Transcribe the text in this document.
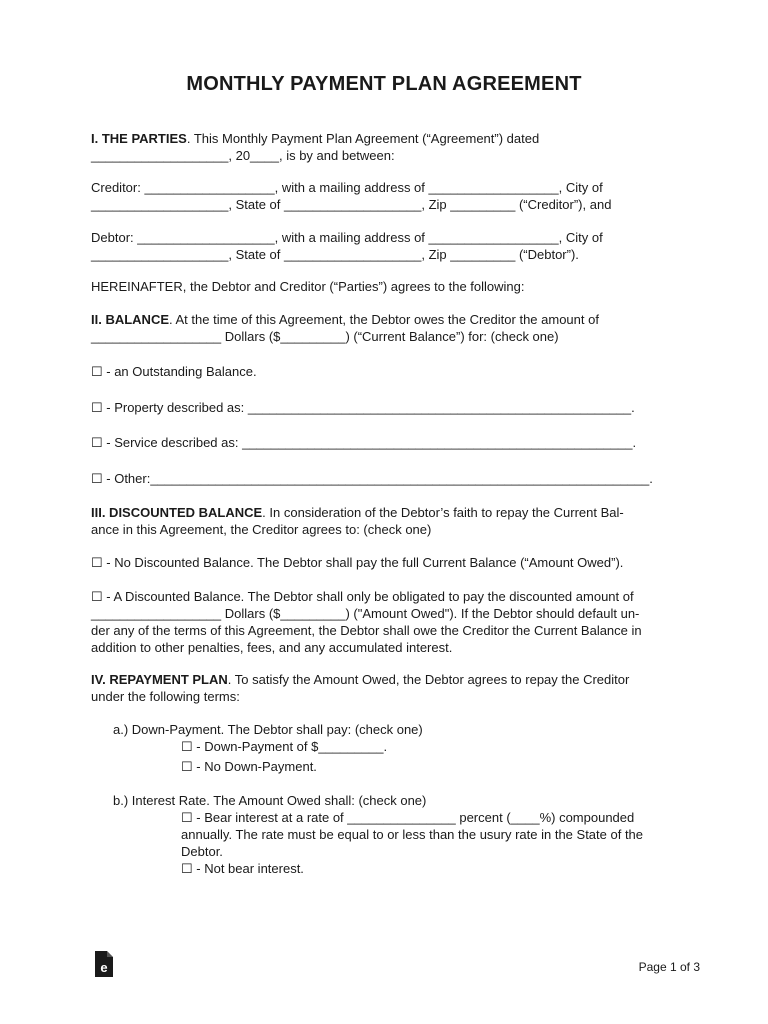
MONTHLY PAYMENT PLAN AGREEMENT

I. THE PARTIES. This Monthly Payment Plan Agreement (“Agreement”) dated
___________________, 20____, is by and between:

Creditor: __________________, with a mailing address of __________________, City of
___________________, State of ___________________, Zip _________ (“Creditor”), and

Debtor: ___________________, with a mailing address of __________________, City of
___________________, State of ___________________, Zip _________ (“Debtor”).

HEREINAFTER, the Debtor and Creditor (“Parties”) agrees to the following:

II. BALANCE. At the time of this Agreement, the Debtor owes the Creditor the amount of
__________________ Dollars ($_________) (“Current Balance”) for: (check one)

☐ - an Outstanding Balance.

☐ - Property described as: _____________________________________________________.

☐ - Service described as: ______________________________________________________.

☐ - Other:_____________________________________________________________________.

III. DISCOUNTED BALANCE. In consideration of the Debtor’s faith to repay the Current Bal-
ance in this Agreement, the Creditor agrees to: (check one)

☐ - No Discounted Balance. The Debtor shall pay the full Current Balance (“Amount Owed”).

☐ - A Discounted Balance. The Debtor shall only be obligated to pay the discounted amount of
__________________ Dollars ($_________) ("Amount Owed"). If the Debtor should default un-
der any of the terms of this Agreement, the Debtor shall owe the Creditor the Current Balance in
addition to other penalties, fees, and any accumulated interest.

IV. REPAYMENT PLAN. To satisfy the Amount Owed, the Debtor agrees to repay the Creditor
under the following terms:

a.) Down-Payment. The Debtor shall pay: (check one)

☐ - Down-Payment of $_________.

☐ - No Down-Payment.

b.) Interest Rate. The Amount Owed shall: (check one)

☐ - Bear interest at a rate of _______________ percent (____%) compounded
annually. The rate must be equal to or less than the usury rate in the State of the
Debtor.

☐ - Not bear interest.

e	Page 1 of 3
